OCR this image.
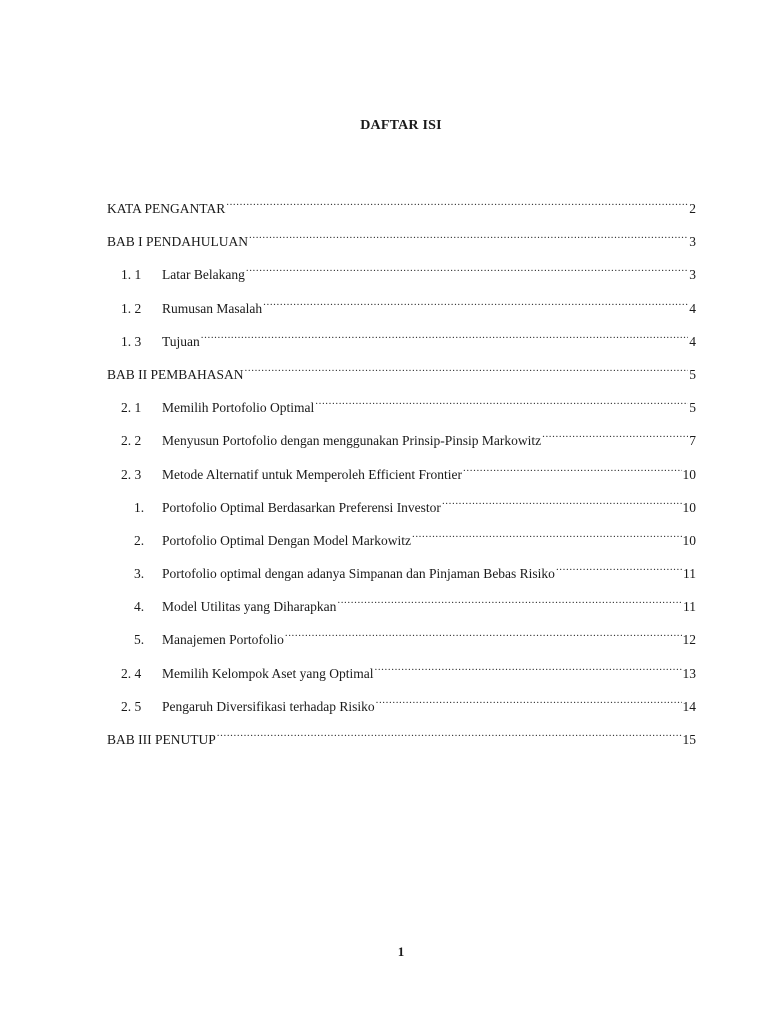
DAFTAR ISI
KATA PENGANTAR .....	2
BAB I PENDAHULUAN .....	3
1. 1	Latar Belakang .....	3
1. 2	Rumusan Masalah .....	4
1. 3	Tujuan .....	4
BAB II PEMBAHASAN .....	5
2. 1	Memilih Portofolio Optimal .....	5
2. 2	Menyusun Portofolio dengan menggunakan Prinsip-Pinsip Markowitz .....	7
2. 3	Metode Alternatif untuk Memperoleh Efficient Frontier .....	10
1.	Portofolio Optimal Berdasarkan Preferensi Investor .....	10
2.	Portofolio Optimal Dengan Model Markowitz .....	10
3.	Portofolio optimal dengan adanya Simpanan dan Pinjaman Bebas Risiko .....	11
4.	Model Utilitas yang Diharapkan .....	11
5.	Manajemen Portofolio .....	12
2. 4	Memilih Kelompok Aset yang Optimal .....	13
2. 5	Pengaruh Diversifikasi terhadap Risiko .....	14
BAB III PENUTUP .....	15
1
